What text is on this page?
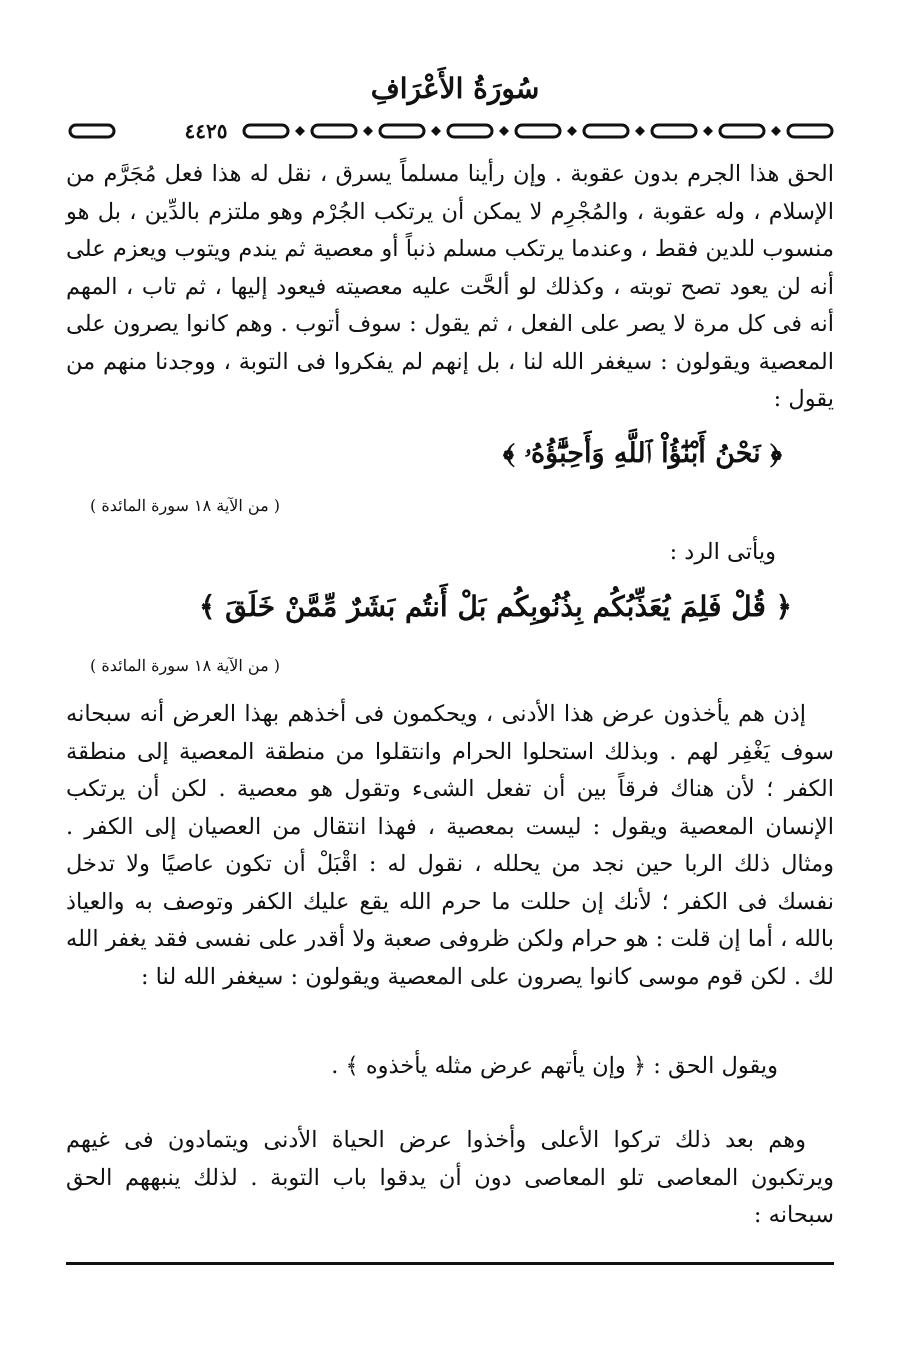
سُورَةُ الأَعْرَافِ
٤٤٢٥
الحق هذا الجرم بدون عقوبة . وإن رأينا مسلماً يسرق ، نقل له هذا فعل مُجَرَّم من الإسلام ، وله عقوبة ، والمُجْرِم لا يمكن أن يرتكب الجُرْم وهو ملتزم بالدِّين ، بل هو منسوب للدين فقط ، وعندما يرتكب مسلم ذنباً أو معصية ثم يندم ويتوب ويعزم على أنه لن يعود تصح توبته ، وكذلك لو ألحَّت عليه معصيته فيعود إليها ، ثم تاب ، المهم أنه فى كل مرة لا يصر على الفعل ، ثم يقول : سوف أتوب . وهم كانوا يصرون على المعصية ويقولون : سيغفر الله لنا ، بل إنهم لم يفكروا فى التوبة ، ووجدنا منهم من يقول :
﴿ نَحْنُ أَبْنَٰٓؤُاْ ٱللَّهِ وَأَحِبَّٰٓؤُهُۥ ﴾
( من الآية ١٨ سورة المائدة )
ويأتى الرد :
﴿ قُلْ فَلِمَ يُعَذِّبُكُم بِذُنُوبِكُم بَلْ أَنتُم بَشَرٌ مِّمَّنْ خَلَقَ ﴾
( من الآية ١٨ سورة المائدة )
إذن هم يأخذون عرض هذا الأدنى ، ويحكمون فى أخذهم بهذا العرض أنه سبحانه سوف يَغْفِر لهم . وبذلك استحلوا الحرام وانتقلوا من منطقة المعصية إلى منطقة الكفر ؛ لأن هناك فرقاً بين أن تفعل الشىء وتقول هو معصية . لكن أن يرتكب الإنسان المعصية ويقول : ليست بمعصية ، فهذا انتقال من العصيان إلى الكفر . ومثال ذلك الربا حين نجد من يحلله ، نقول له : اقْبَلْ أن تكون عاصيًا ولا تدخل نفسك فى الكفر ؛ لأنك إن حللت ما حرم الله يقع عليك الكفر وتوصف به والعياذ بالله ، أما إن قلت : هو حرام ولكن ظروفى صعبة ولا أقدر على نفسى فقد يغفر الله لك . لكن قوم موسى كانوا يصرون على المعصية ويقولون : سيغفر الله لنا :
ويقول الحق : ﴿ وإن يأتهم عرض مثله يأخذوه ﴾ .
وهم بعد ذلك تركوا الأعلى وأخذوا عرض الحياة الأدنى ويتمادون فى غيهم ويرتكبون المعاصى تلو المعاصى دون أن يدقوا باب التوبة . لذلك ينبههم الحق سبحانه :
